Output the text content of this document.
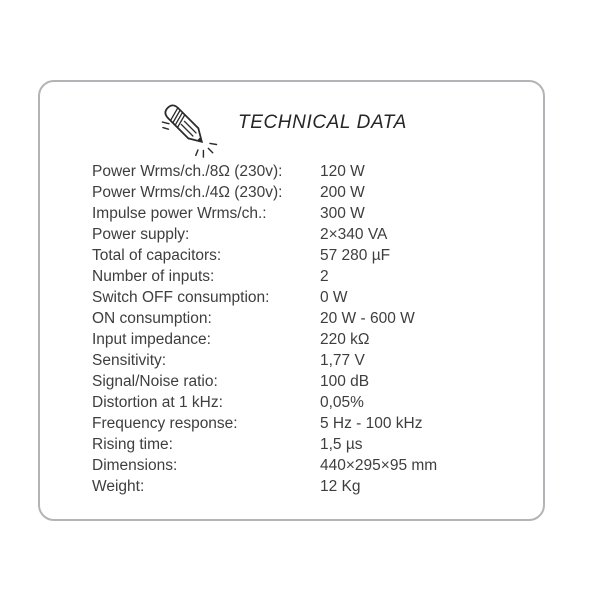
TECHNICAL DATA
Power Wrms/ch./8Ω (230v):	120 W
Power Wrms/ch./4Ω (230v):	200 W
Impulse power Wrms/ch.:	300 W
Power supply:	2×340 VA
Total of capacitors:	57 280 µF
Number of inputs:	2
Switch OFF consumption:	0 W
ON consumption:	20 W - 600 W
Input impedance:	220 kΩ
Sensitivity:	1,77 V
Signal/Noise ratio:	100 dB
Distortion at 1 kHz:	0,05%
Frequency response:	5 Hz - 100 kHz
Rising time:	1,5 µs
Dimensions:	440×295×95 mm
Weight:	12 Kg
